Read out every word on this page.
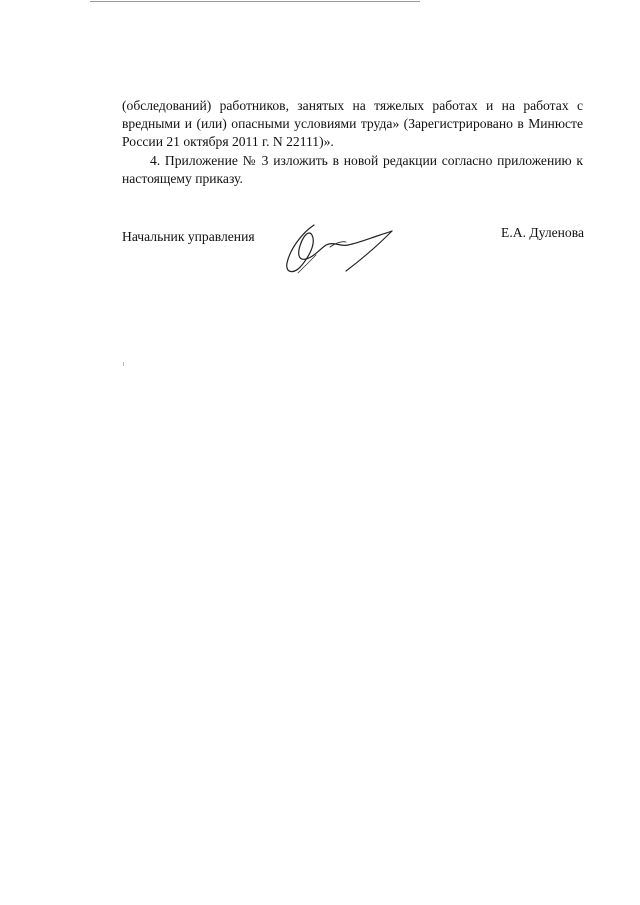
(обследований) работников, занятых на тяжелых работах и на работах с вредными и (или) опасными условиями труда» (Зарегистрировано в Минюсте России 21 октября 2011 г. N 22111)».

4. Приложение № 3 изложить в новой редакции согласно приложению к настоящему приказу.

Начальник управления	Е.А. Дуленова
